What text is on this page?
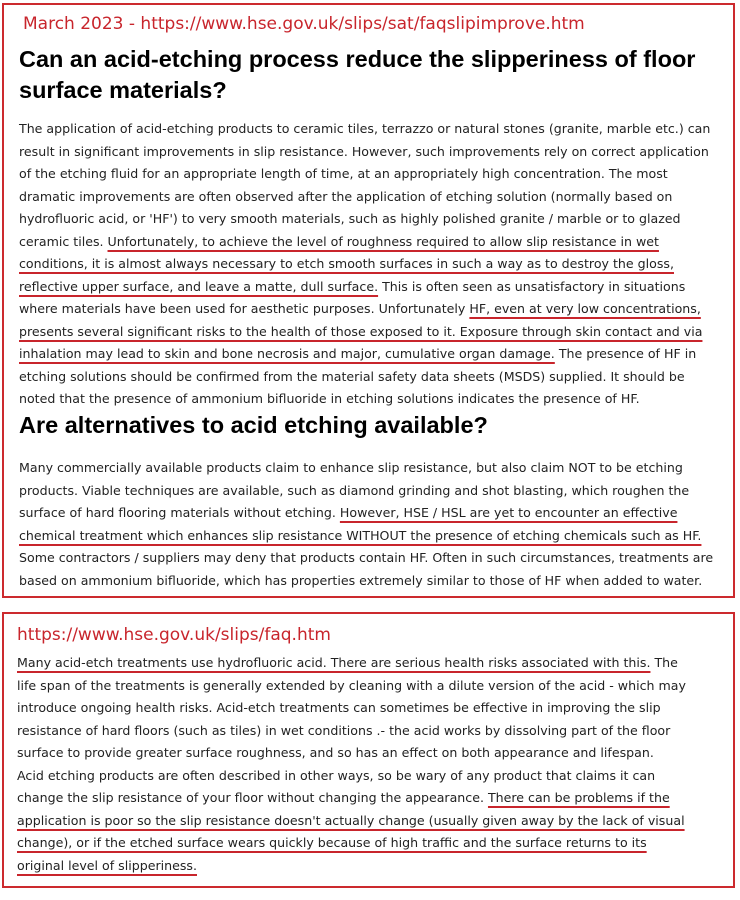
March 2023 - https://www.hse.gov.uk/slips/sat/faqslipimprove.htm
Can an acid-etching process reduce the slipperiness of floor surface materials?
The application of acid-etching products to ceramic tiles, terrazzo or natural stones (granite, marble etc.) can
result in significant improvements in slip resistance. However, such improvements rely on correct application
of the etching fluid for an appropriate length of time, at an appropriately high concentration. The most
dramatic improvements are often observed after the application of etching solution (normally based on
hydrofluoric acid, or 'HF') to very smooth materials, such as highly polished granite / marble or to glazed
ceramic tiles. Unfortunately, to achieve the level of roughness required to allow slip resistance in wet
conditions, it is almost always necessary to etch smooth surfaces in such a way as to destroy the gloss,
reflective upper surface, and leave a matte, dull surface. This is often seen as unsatisfactory in situations
where materials have been used for aesthetic purposes. Unfortunately HF, even at very low concentrations,
presents several significant risks to the health of those exposed to it. Exposure through skin contact and via
inhalation may lead to skin and bone necrosis and major, cumulative organ damage. The presence of HF in
etching solutions should be confirmed from the material safety data sheets (MSDS) supplied. It should be
noted that the presence of ammonium bifluoride in etching solutions indicates the presence of HF.
Are alternatives to acid etching available?
Many commercially available products claim to enhance slip resistance, but also claim NOT to be etching
products. Viable techniques are available, such as diamond grinding and shot blasting, which roughen the
surface of hard flooring materials without etching. However, HSE / HSL are yet to encounter an effective
chemical treatment which enhances slip resistance WITHOUT the presence of etching chemicals such as HF.
Some contractors / suppliers may deny that products contain HF. Often in such circumstances, treatments are
based on ammonium bifluoride, which has properties extremely similar to those of HF when added to water.
https://www.hse.gov.uk/slips/faq.htm
Many acid-etch treatments use hydrofluoric acid. There are serious health risks associated with this. The
life span of the treatments is generally extended by cleaning with a dilute version of the acid - which may
introduce ongoing health risks. Acid-etch treatments can sometimes be effective in improving the slip
resistance of hard floors (such as tiles) in wet conditions .- the acid works by dissolving part of the floor
surface to provide greater surface roughness, and so has an effect on both appearance and lifespan.
Acid etching products are often described in other ways, so be wary of any product that claims it can
change the slip resistance of your floor without changing the appearance. There can be problems if the
application is poor so the slip resistance doesn't actually change (usually given away by the lack of visual
change), or if the etched surface wears quickly because of high traffic and the surface returns to its
original level of slipperiness.
